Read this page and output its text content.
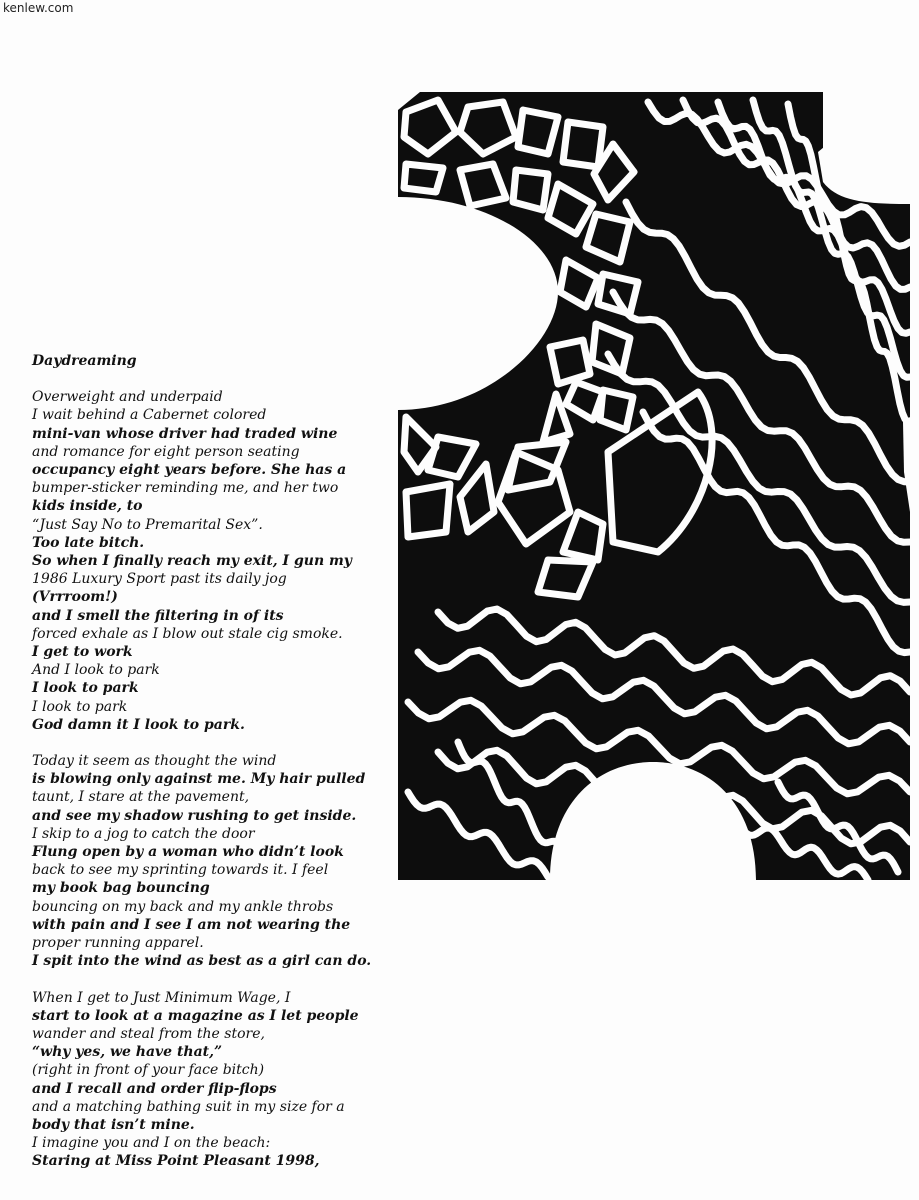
kenlew.com
Daydreaming
Overweight and underpaid
I wait behind a Cabernet colored
mini-van whose driver had traded wine
and romance for eight person seating
occupancy eight years before. She has a
bumper-sticker reminding me, and her two
kids inside, to
“Just Say No to Premarital Sex”.
Too late bitch.
So when I finally reach my exit, I gun my
1986 Luxury Sport past its daily jog
(Vrrroom!)
and I smell the filtering in of its
forced exhale as I blow out stale cig smoke.
I get to work
And I look to park
I look to park
I look to park
God damn it I look to park.
Today it seem as thought the wind
is blowing only against me. My hair pulled
taunt, I stare at the pavement,
and see my shadow rushing to get inside.
I skip to a jog to catch the door
Flung open by a woman who didn’t look
back to see my sprinting towards it. I feel
my book bag bouncing
bouncing on my back and my ankle throbs
with pain and I see I am not wearing the
proper running apparel.
I spit into the wind as best as a girl can do.
When I get to Just Minimum Wage, I
start to look at a magazine as I let people
wander and steal from the store,
“why yes, we have that,”
(right in front of your face bitch)
and I recall and order flip-flops
and a matching bathing suit in my size for a
body that isn’t mine.
I imagine you and I on the beach:
Staring at Miss Point Pleasant 1998,
